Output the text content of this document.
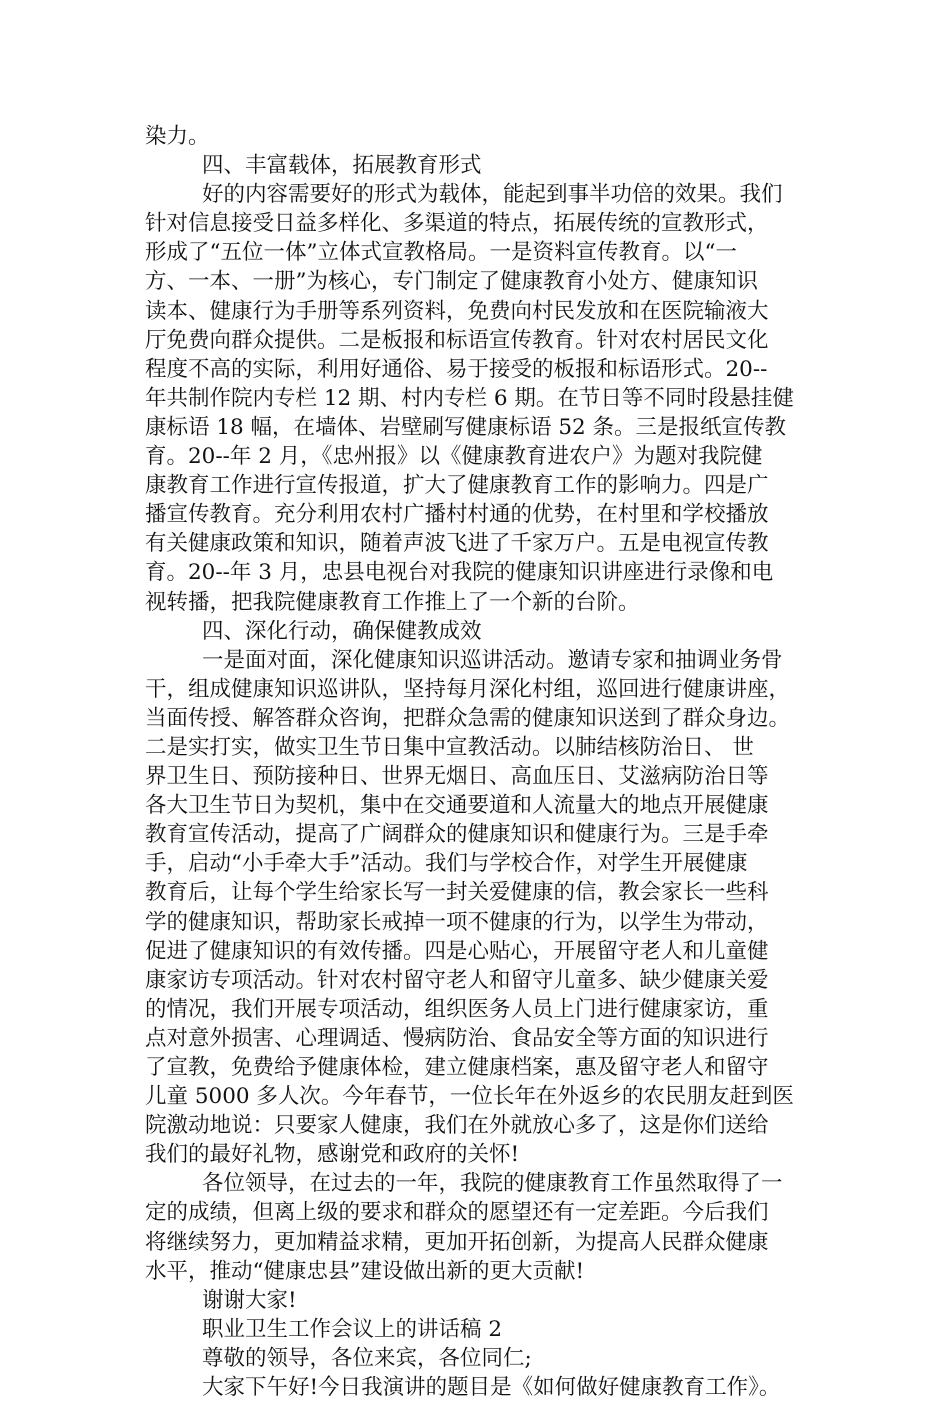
染力。
四、丰富载体，拓展教育形式
好的内容需要好的形式为载体，能起到事半功倍的效果。我们
针对信息接受日益多样化、多渠道的特点，拓展传统的宣教形式，
形成了“五位一体”立体式宣教格局。一是资料宣传教育。以“一
方、一本、一册”为核心，专门制定了健康教育小处方、健康知识
读本、健康行为手册等系列资料，免费向村民发放和在医院输液大
厅免费向群众提供。二是板报和标语宣传教育。针对农村居民文化
程度不高的实际，利用好通俗、易于接受的板报和标语形式。20--
年共制作院内专栏 12 期、村内专栏 6 期。在节日等不同时段悬挂健
康标语 18 幅，在墙体、岩壁刷写健康标语 52 条。三是报纸宣传教
育。20--年 2 月，《忠州报》以《健康教育进农户》为题对我院健
康教育工作进行宣传报道，扩大了健康教育工作的影响力。四是广
播宣传教育。充分利用农村广播村村通的优势，在村里和学校播放
有关健康政策和知识，随着声波飞进了千家万户。五是电视宣传教
育。20--年 3 月，忠县电视台对我院的健康知识讲座进行录像和电
视转播，把我院健康教育工作推上了一个新的台阶。
四、深化行动，确保健教成效
一是面对面，深化健康知识巡讲活动。邀请专家和抽调业务骨
干，组成健康知识巡讲队，坚持每月深化村组，巡回进行健康讲座，
当面传授、解答群众咨询，把群众急需的健康知识送到了群众身边。
二是实打实，做实卫生节日集中宣教活动。以肺结核防治日、 世
界卫生日、预防接种日、世界无烟日、高血压日、艾滋病防治日等
各大卫生节日为契机，集中在交通要道和人流量大的地点开展健康
教育宣传活动，提高了广阔群众的健康知识和健康行为。三是手牵
手，启动“小手牵大手”活动。我们与学校合作，对学生开展健康
教育后，让每个学生给家长写一封关爱健康的信，教会家长一些科
学的健康知识，帮助家长戒掉一项不健康的行为，以学生为带动，
促进了健康知识的有效传播。四是心贴心，开展留守老人和儿童健
康家访专项活动。针对农村留守老人和留守儿童多、缺少健康关爱
的情况，我们开展专项活动，组织医务人员上门进行健康家访，重
点对意外损害、心理调适、慢病防治、食品安全等方面的知识进行
了宣教，免费给予健康体检，建立健康档案，惠及留守老人和留守
儿童 5000 多人次。今年春节，一位长年在外返乡的农民朋友赶到医
院激动地说：只要家人健康，我们在外就放心多了，这是你们送给
我们的最好礼物，感谢党和政府的关怀!
各位领导，在过去的一年，我院的健康教育工作虽然取得了一
定的成绩，但离上级的要求和群众的愿望还有一定差距。今后我们
将继续努力，更加精益求精，更加开拓创新，为提高人民群众健康
水平，推动“健康忠县”建设做出新的更大贡献!
谢谢大家!
职业卫生工作会议上的讲话稿 2
尊敬的领导，各位来宾，各位同仁;
大家下午好!今日我演讲的题目是《如何做好健康教育工作》。
